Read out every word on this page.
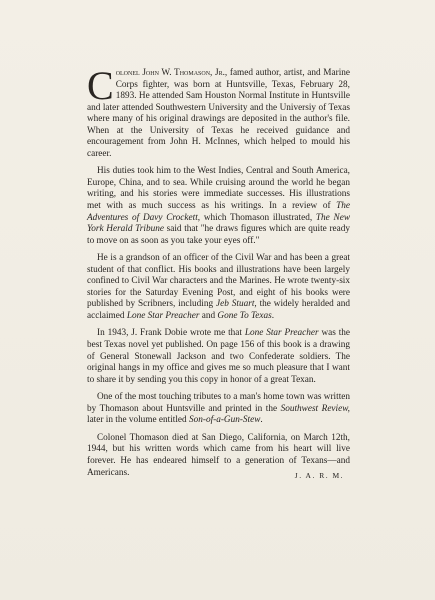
Colonel John W. Thomason, Jr., famed author, artist, and Marine Corps fighter, was born at Huntsville, Texas, February 28, 1893. He attended Sam Houston Normal Institute in Huntsville and later attended Southwestern University and the Universiy of Texas where many of his original drawings are deposited in the author's file. When at the University of Texas he received guidance and encouragement from John H. McInnes, which helped to mould his career.

His duties took him to the West Indies, Central and South America, Europe, China, and to sea. While cruising around the world he began writing, and his stories were immediate successes. His illustrations met with as much success as his writings. In a review of The Adventures of Davy Crockett, which Thomason illustrated, The New York Herald Tribune said that "he draws figures which are quite ready to move on as soon as you take your eyes off."

He is a grandson of an officer of the Civil War and has been a great student of that conflict. His books and illustrations have been largely confined to Civil War characters and the Marines. He wrote twenty-six stories for the Saturday Evening Post, and eight of his books were published by Scribners, including Jeb Stuart, the widely heralded and acclaimed Lone Star Preacher and Gone To Texas.

In 1943, J. Frank Dobie wrote me that Lone Star Preacher was the best Texas novel yet published. On page 156 of this book is a drawing of General Stonewall Jackson and two Confederate soldiers. The original hangs in my office and gives me so much pleasure that I want to share it by sending you this copy in honor of a great Texan.

One of the most touching tributes to a man's home town was written by Thomason about Huntsville and printed in the Southwest Review, later in the volume entitled Son-of-a-Gun-Stew.

Colonel Thomason died at San Diego, California, on March 12th, 1944, but his written words which came from his heart will live forever. He has endeared himself to a generation of Texans—and Americans.	J. A. R. M.
